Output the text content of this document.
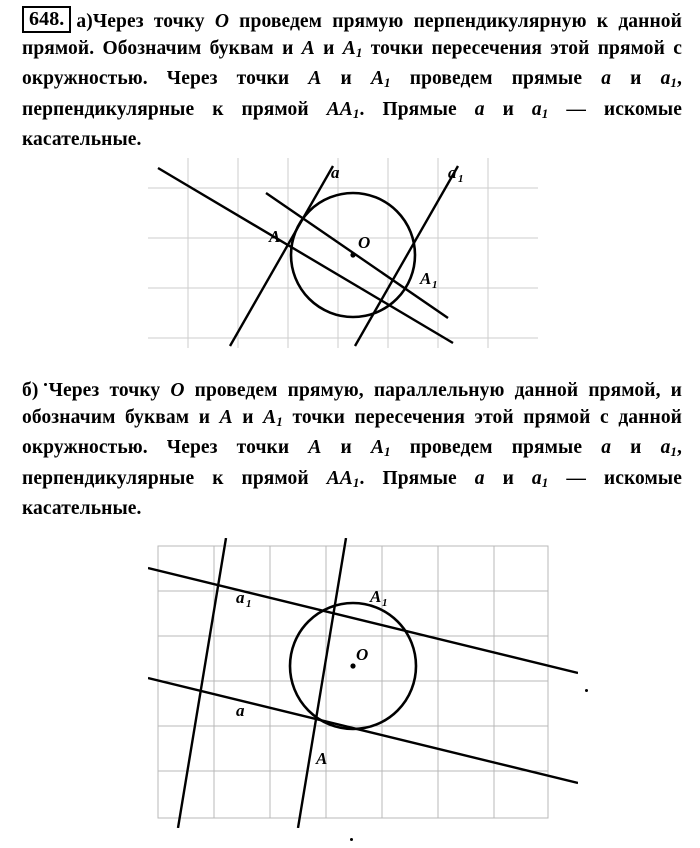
648. а)Через точку O проведем прямую перпендикулярную к данной прямой. Обозначим буквам и A и $A_1$ точки пересечения этой прямой с окружностью. Через точки A и $A_1$ проведем прямые a и $a_1$, перпендикулярные к прямой $AA_1$. Прямые a и $a_1$ — искомые касательные.
a	a 1
A
A 1
O
б) Через точку O проведем прямую, параллельную данной прямой, и обозначим буквам и A и $A_1$ точки пересечения этой прямой с данной окружностью. Через точки A и $A_1$ проведем прямые a и $a_1$, перпендикулярные к прямой $AA_1$. Прямые a и $a_1$ — искомые касательные.
a 1
a
A 1
A
O
